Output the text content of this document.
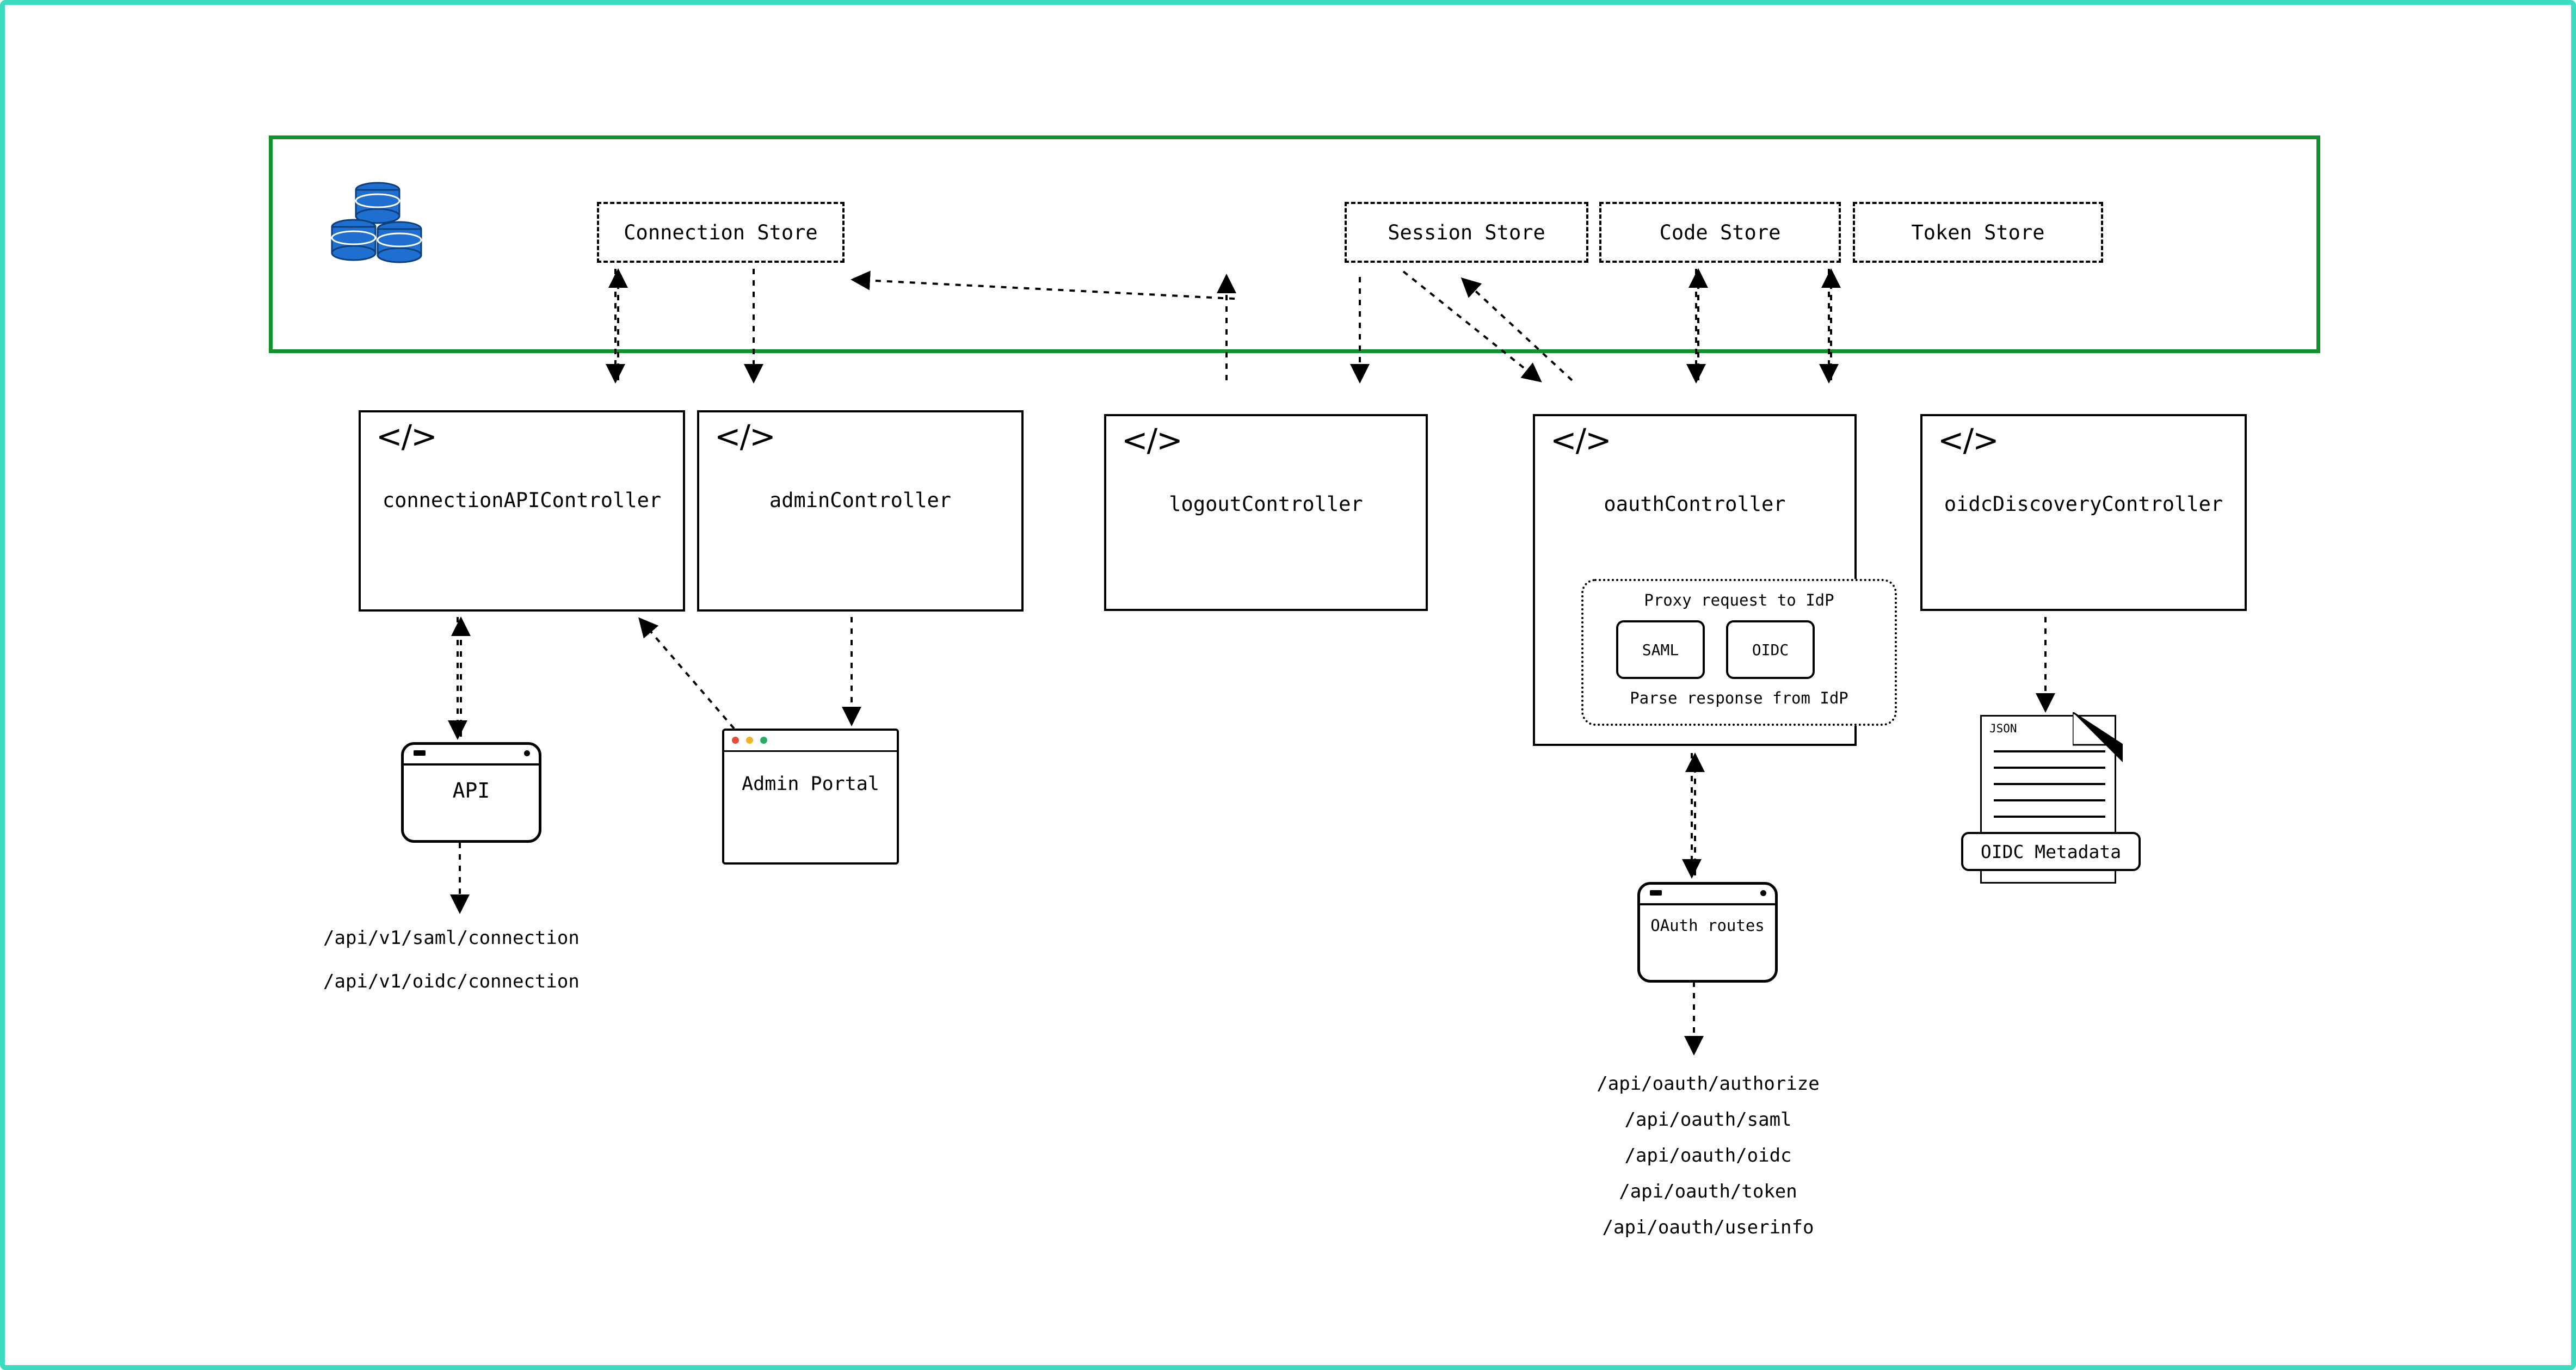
Connection Store	Session Store	Code Store	Token Store
</>
connectionAPIController
</>
adminController
</>
logoutController
</>
oauthController
</>
oidcDiscoveryController
Proxy request to IdP
SAML	OIDC
Parse response from IdP
API	Admin Portal
OAuth routes
JSON
OIDC Metadata
/api/v1/saml/connection
/api/v1/oidc/connection
/api/oauth/authorize
/api/oauth/saml
/api/oauth/oidc
/api/oauth/token
/api/oauth/userinfo
